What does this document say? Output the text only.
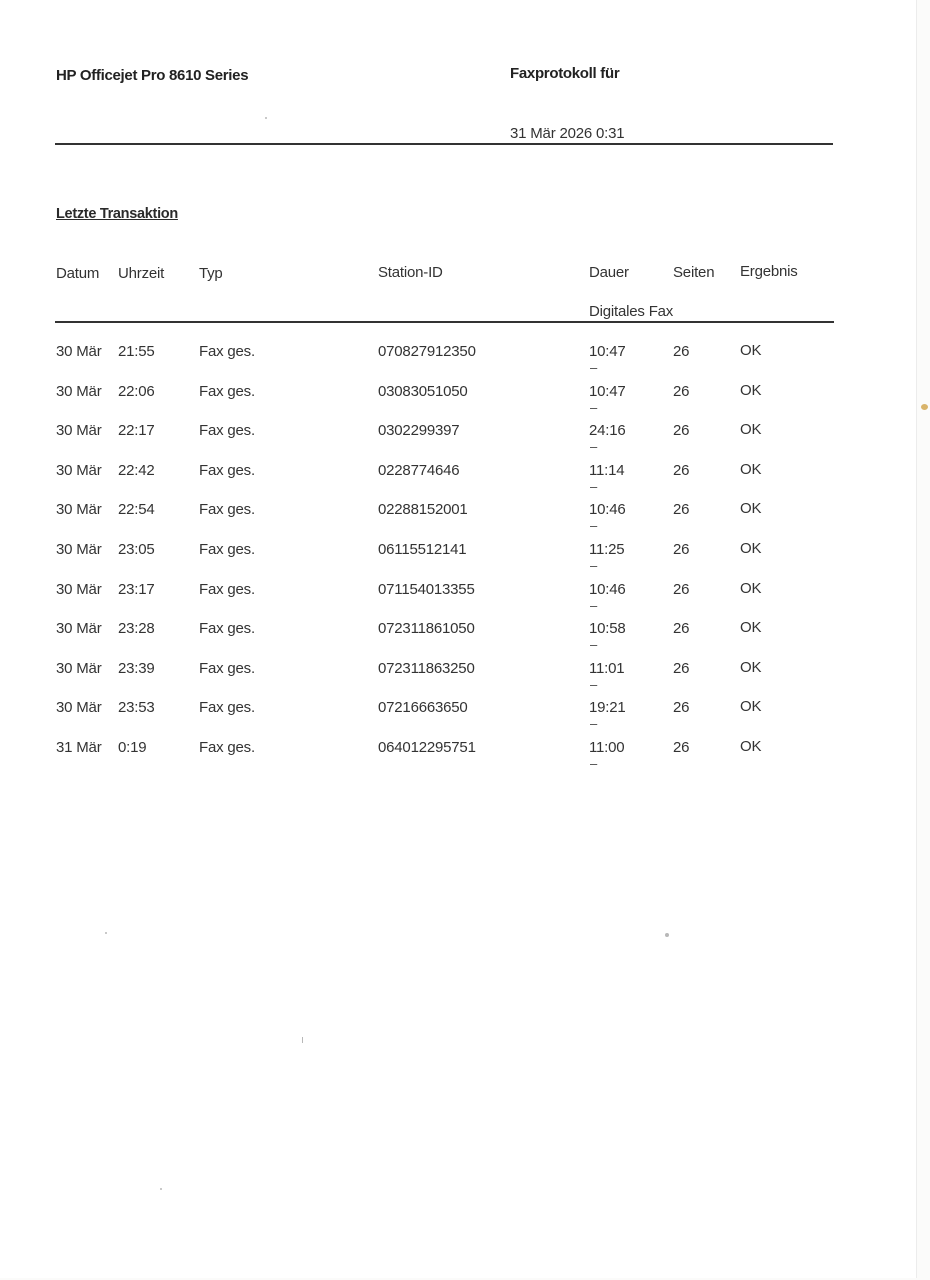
HP Officejet Pro 8610 Series	Faxprotokoll für
31 Mär 2026 0:31
Letzte Transaktion
Datum Uhrzeit Typ	Station-ID	Dauer	Seiten Ergebnis
Digitales Fax
30 Mär 21:55	Fax ges.	070827912350	10:47	26	OK
–
30 Mär 22:06	Fax ges.	03083051050	10:47	26	OK
–
30 Mär 22:17	Fax ges.	0302299397	24:16	26	OK
–
30 Mär 22:42	Fax ges.	0228774646	11:14	26	OK
–
30 Mär 22:54	Fax ges.	02288152001	10:46	26	OK
–
30 Mär 23:05	Fax ges.	06115512141	11:25	26	OK
–
30 Mär 23:17	Fax ges.	071154013355	10:46	26	OK
–
30 Mär 23:28	Fax ges.	072311861050	10:58	26	OK
–
30 Mär 23:39	Fax ges.	072311863250	11:01	26	OK
–
30 Mär 23:53	Fax ges.	07216663650	19:21	26	OK
–
31 Mär 0:19	Fax ges.	064012295751	11:00	26	OK
–
